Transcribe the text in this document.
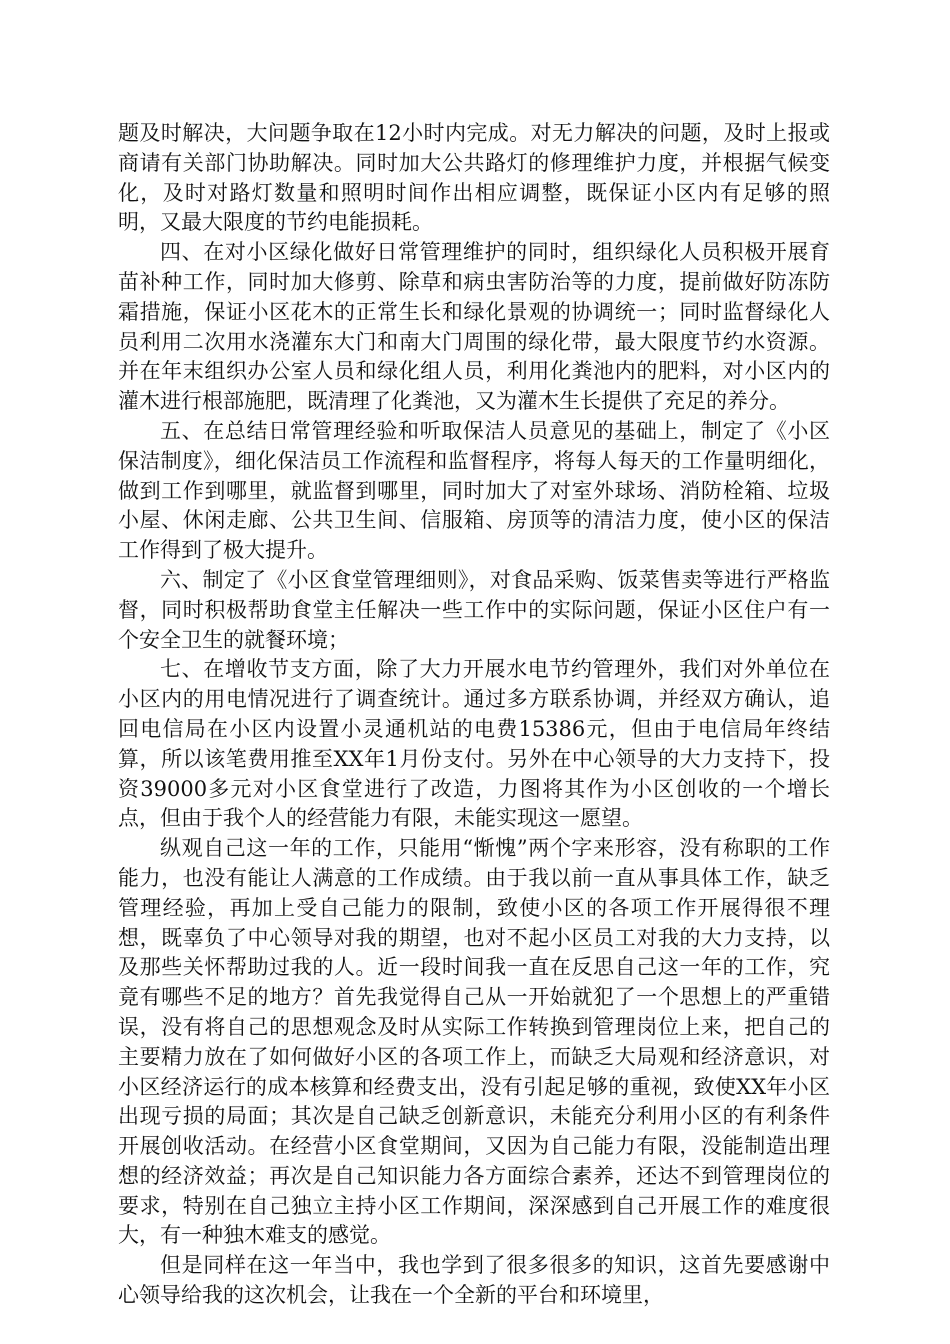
题及时解决，大问题争取在12小时内完成。对无力解决的问题，及时上报或商请有关部门协助解决。同时加大公共路灯的修理维护力度，并根据气候变化，及时对路灯数量和照明时间作出相应调整，既保证小区内有足够的照明，又最大限度的节约电能损耗。

四、在对小区绿化做好日常管理维护的同时，组织绿化人员积极开展育苗补种工作，同时加大修剪、除草和病虫害防治等的力度，提前做好防冻防霜措施，保证小区花木的正常生长和绿化景观的协调统一；同时监督绿化人员利用二次用水浇灌东大门和南大门周围的绿化带，最大限度节约水资源。并在年末组织办公室人员和绿化组人员，利用化粪池内的肥料，对小区内的灌木进行根部施肥，既清理了化粪池，又为灌木生长提供了充足的养分。

五、在总结日常管理经验和听取保洁人员意见的基础上，制定了《小区保洁制度》，细化保洁员工作流程和监督程序，将每人每天的工作量明细化，做到工作到哪里，就监督到哪里，同时加大了对室外球场、消防栓箱、垃圾小屋、休闲走廊、公共卫生间、信服箱、房顶等的清洁力度，使小区的保洁工作得到了极大提升。

六、制定了《小区食堂管理细则》，对食品采购、饭菜售卖等进行严格监督，同时积极帮助食堂主任解决一些工作中的实际问题，保证小区住户有一个安全卫生的就餐环境；

七、在增收节支方面，除了大力开展水电节约管理外，我们对外单位在小区内的用电情况进行了调查统计。通过多方联系协调，并经双方确认，追回电信局在小区内设置小灵通机站的电费15386元，但由于电信局年终结算，所以该笔费用推至XX年1月份支付。另外在中心领导的大力支持下，投资39000多元对小区食堂进行了改造，力图将其作为小区创收的一个增长点，但由于我个人的经营能力有限，未能实现这一愿望。

纵观自己这一年的工作，只能用“惭愧”两个字来形容，没有称职的工作能力，也没有能让人满意的工作成绩。由于我以前一直从事具体工作，缺乏管理经验，再加上受自己能力的限制，致使小区的各项工作开展得很不理想，既辜负了中心领导对我的期望，也对不起小区员工对我的大力支持，以及那些关怀帮助过我的人。近一段时间我一直在反思自己这一年的工作，究竟有哪些不足的地方？首先我觉得自己从一开始就犯了一个思想上的严重错误，没有将自己的思想观念及时从实际工作转换到管理岗位上来，把自己的主要精力放在了如何做好小区的各项工作上，而缺乏大局观和经济意识，对小区经济运行的成本核算和经费支出，没有引起足够的重视，致使XX年小区出现亏损的局面；其次是自己缺乏创新意识，未能充分利用小区的有利条件开展创收活动。在经营小区食堂期间，又因为自己能力有限，没能制造出理想的经济效益；再次是自己知识能力各方面综合素养，还达不到管理岗位的要求，特别在自己独立主持小区工作期间，深深感到自己开展工作的难度很大，有一种独木难支的感觉。

但是同样在这一年当中，我也学到了很多很多的知识，这首先要感谢中心领导给我的这次机会，让我在一个全新的平台和环境里，
